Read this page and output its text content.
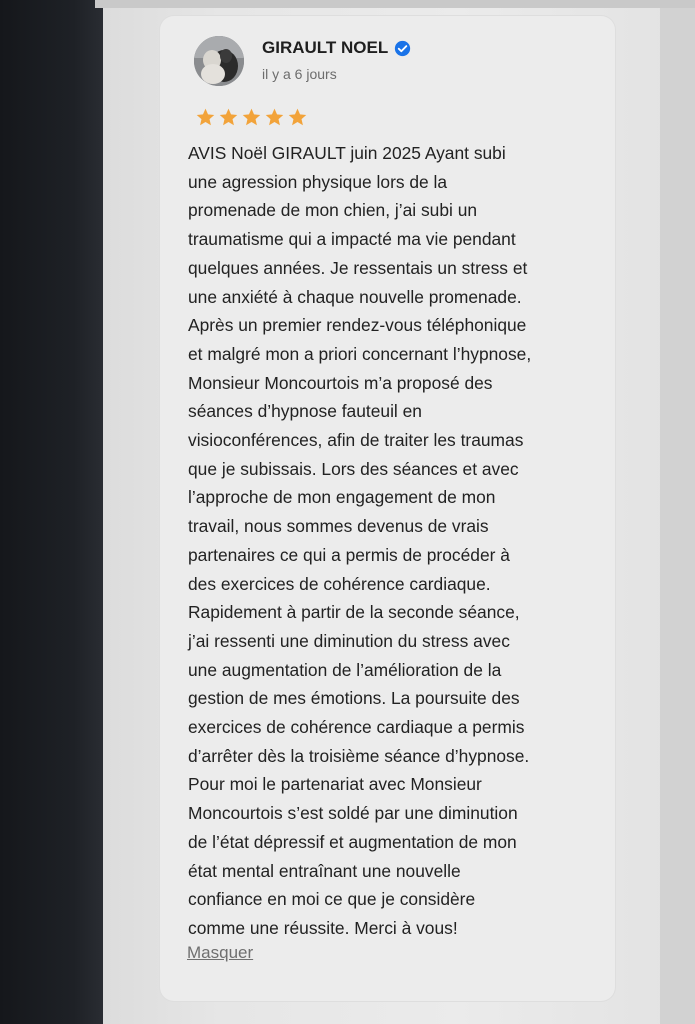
GIRAULT NOEL
il y a 6 jours
AVIS Noël GIRAULT juin 2025 Ayant subi
une agression physique lors de la
promenade de mon chien, j’ai subi un
traumatisme qui a impacté ma vie pendant
quelques années. Je ressentais un stress et
une anxiété à chaque nouvelle promenade.
Après un premier rendez-vous téléphonique
et malgré mon a priori concernant l’hypnose,
Monsieur Moncourtois m’a proposé des
séances d’hypnose fauteuil en
visioconférences, afin de traiter les traumas
que je subissais. Lors des séances et avec
l’approche de mon engagement de mon
travail, nous sommes devenus de vrais
partenaires ce qui a permis de procéder à
des exercices de cohérence cardiaque.
Rapidement à partir de la seconde séance,
j’ai ressenti une diminution du stress avec
une augmentation de l’amélioration de la
gestion de mes émotions. La poursuite des
exercices de cohérence cardiaque a permis
d’arrêter dès la troisième séance d’hypnose.
Pour moi le partenariat avec Monsieur
Moncourtois s’est soldé par une diminution
de l’état dépressif et augmentation de mon
état mental entraînant une nouvelle
confiance en moi ce que je considère
comme une réussite. Merci à vous!
Masquer
